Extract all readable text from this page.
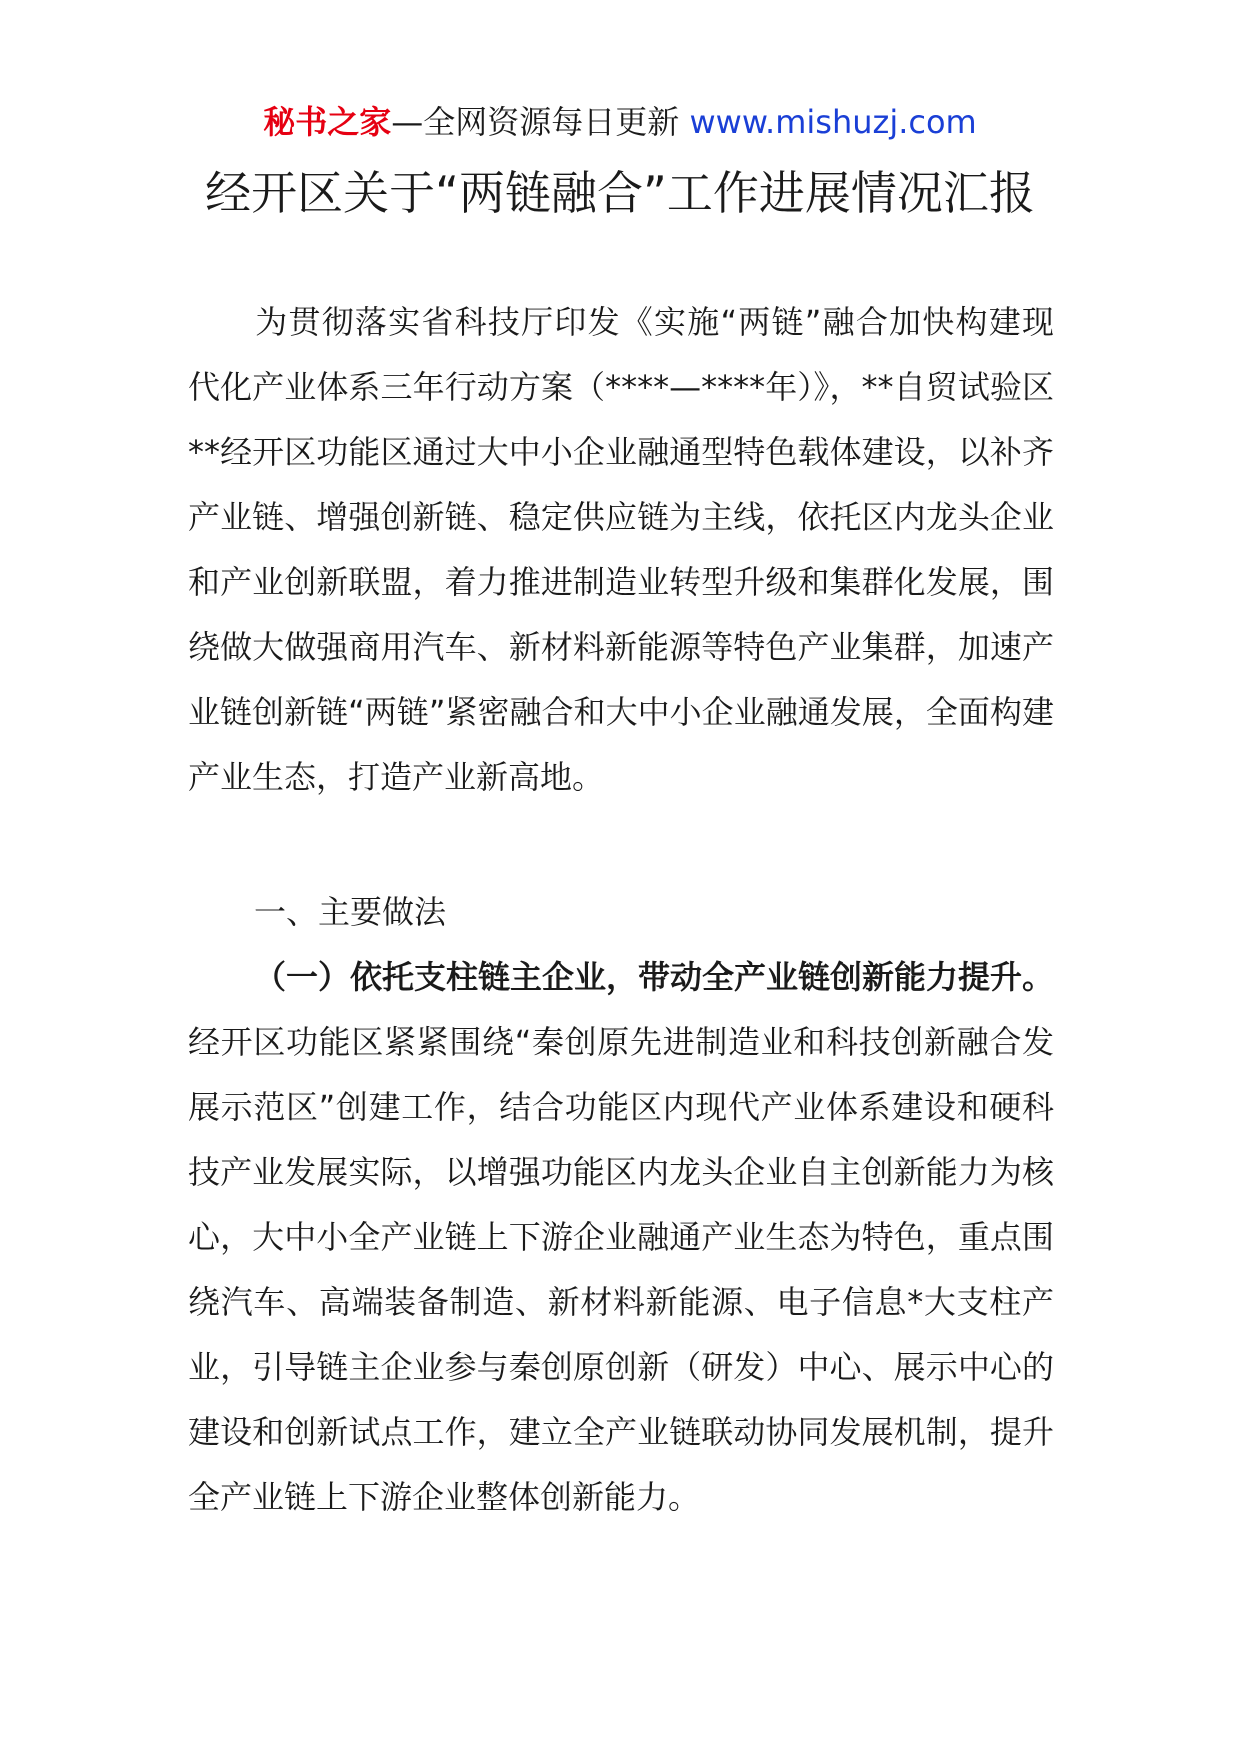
秘书之家—全网资源每日更新 www.mishuzj.com
经开区关于“两链融合”工作进展情况汇报

为贯彻落实省科技厅印发《实施“两链”融合加快构建现代化产业体系三年行动方案（****—****年）》，**自贸试验区**经开区功能区通过大中小企业融通型特色载体建设，以补齐产业链、增强创新链、稳定供应链为主线，依托区内龙头企业和产业创新联盟，着力推进制造业转型升级和集群化发展，围绕做大做强商用汽车、新材料新能源等特色产业集群，加速产业链创新链“两链”紧密融合和大中小企业融通发展，全面构建产业生态，打造产业新高地。

一、主要做法

（一）依托支柱链主企业，带动全产业链创新能力提升。经开区功能区紧紧围绕“秦创原先进制造业和科技创新融合发展示范区”创建工作，结合功能区内现代产业体系建设和硬科技产业发展实际，以增强功能区内龙头企业自主创新能力为核心，大中小全产业链上下游企业融通产业生态为特色，重点围绕汽车、高端装备制造、新材料新能源、电子信息*大支柱产业，引导链主企业参与秦创原创新（研发）中心、展示中心的建设和创新试点工作，建立全产业链联动协同发展机制，提升全产业链上下游企业整体创新能力。
